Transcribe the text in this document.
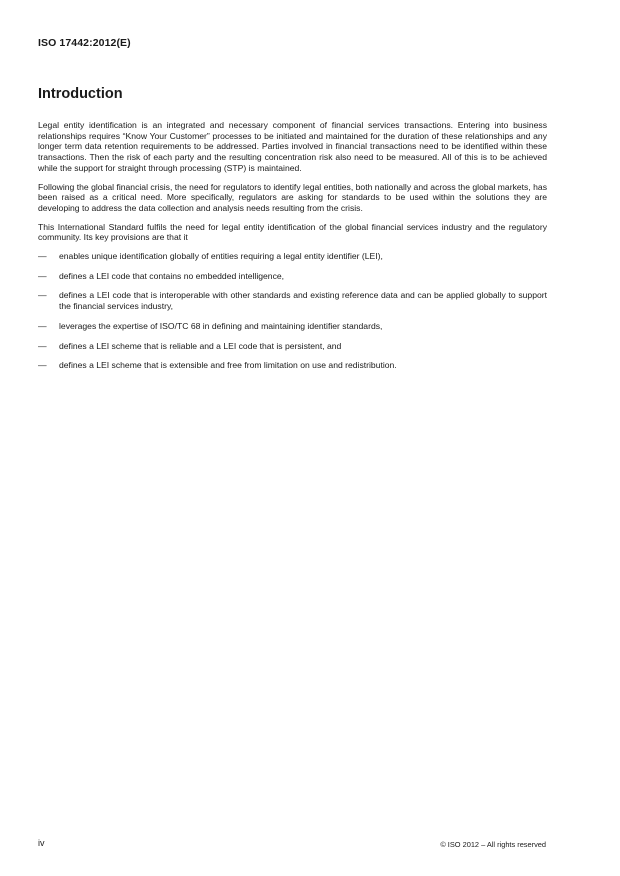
ISO 17442:2012(E)
Introduction

Legal entity identification is an integrated and necessary component of financial services transactions. Entering into business relationships requires “Know Your Customer” processes to be initiated and maintained for the duration of these relationships and any longer term data retention requirements to be addressed. Parties involved in financial transactions need to be identified within these transactions. Then the risk of each party and the resulting concentration risk also need to be measured. All of this is to be achieved while the support for straight through processing (STP) is maintained.

Following the global financial crisis, the need for regulators to identify legal entities, both nationally and across the global markets, has been raised as a critical need. More specifically, regulators are asking for standards to be used within the solutions they are developing to address the data collection and analysis needs resulting from the crisis.

This International Standard fulfils the need for legal entity identification of the global financial services industry and the regulatory community. Its key provisions are that it

—	enables unique identification globally of entities requiring a legal entity identifier (LEI),
—	defines a LEI code that contains no embedded intelligence,
—	defines a LEI code that is interoperable with other standards and existing reference data and can be applied globally to support the financial services industry,
—	leverages the expertise of ISO/TC 68 in defining and maintaining identifier standards,
—	defines a LEI scheme that is reliable and a LEI code that is persistent, and
—	defines a LEI scheme that is extensible and free from limitation on use and redistribution.
iv	© ISO 2012 – All rights reserved
